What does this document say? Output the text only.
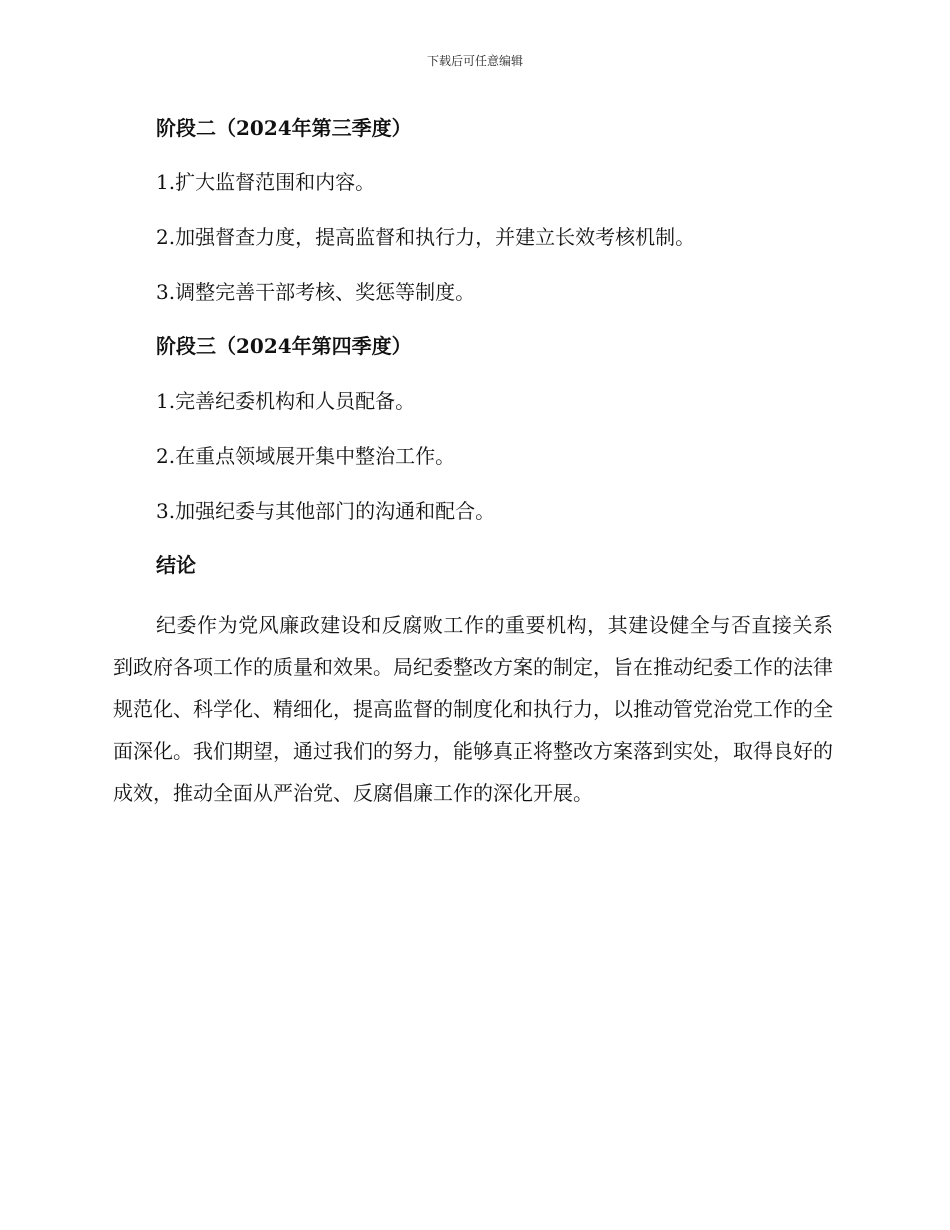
下载后可任意编辑
阶段二（2024年第三季度）
1.扩大监督范围和内容。
2.加强督查力度，提高监督和执行力，并建立长效考核机制。
3.调整完善干部考核、奖惩等制度。
阶段三（2024年第四季度）
1.完善纪委机构和人员配备。
2.在重点领域展开集中整治工作。
3.加强纪委与其他部门的沟通和配合。
结论
纪委作为党风廉政建设和反腐败工作的重要机构，其建设健全与否直接关系到政府各项工作的质量和效果。局纪委整改方案的制定，旨在推动纪委工作的法律规范化、科学化、精细化，提高监督的制度化和执行力，以推动管党治党工作的全面深化。我们期望，通过我们的努力，能够真正将整改方案落到实处，取得良好的成效，推动全面从严治党、反腐倡廉工作的深化开展。
